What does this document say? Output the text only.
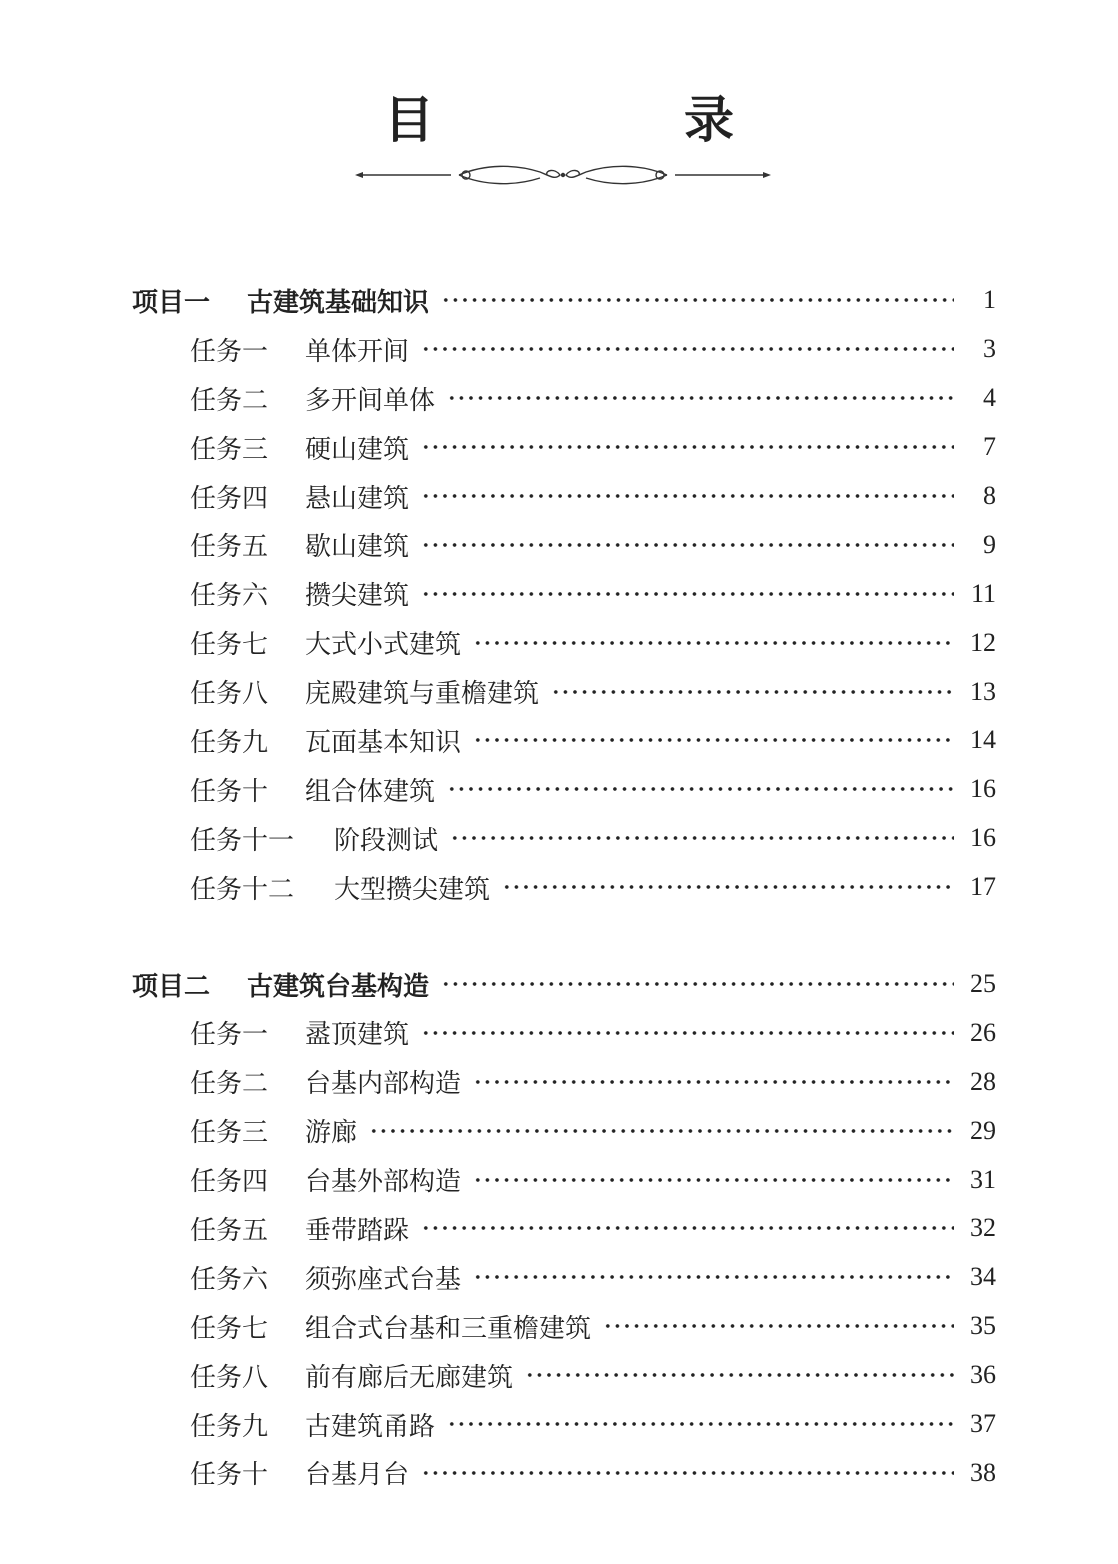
目　录
项目一	古建筑基础知识	1
任务一	单体开间	3
任务二	多开间单体	4
任务三	硬山建筑	7
任务四	悬山建筑	8
任务五	歇山建筑	9
任务六	攒尖建筑	11
任务七	大式小式建筑	12
任务八	庑殿建筑与重檐建筑	13
任务九	瓦面基本知识	14
任务十	组合体建筑	16
任务十一	阶段测试	16
任务十二	大型攒尖建筑	17
项目二	古建筑台基构造	25
任务一	盝顶建筑	26
任务二	台基内部构造	28
任务三	游廊	29
任务四	台基外部构造	31
任务五	垂带踏跺	32
任务六	须弥座式台基	34
任务七	组合式台基和三重檐建筑	35
任务八	前有廊后无廊建筑	36
任务九	古建筑甬路	37
任务十	台基月台	38
